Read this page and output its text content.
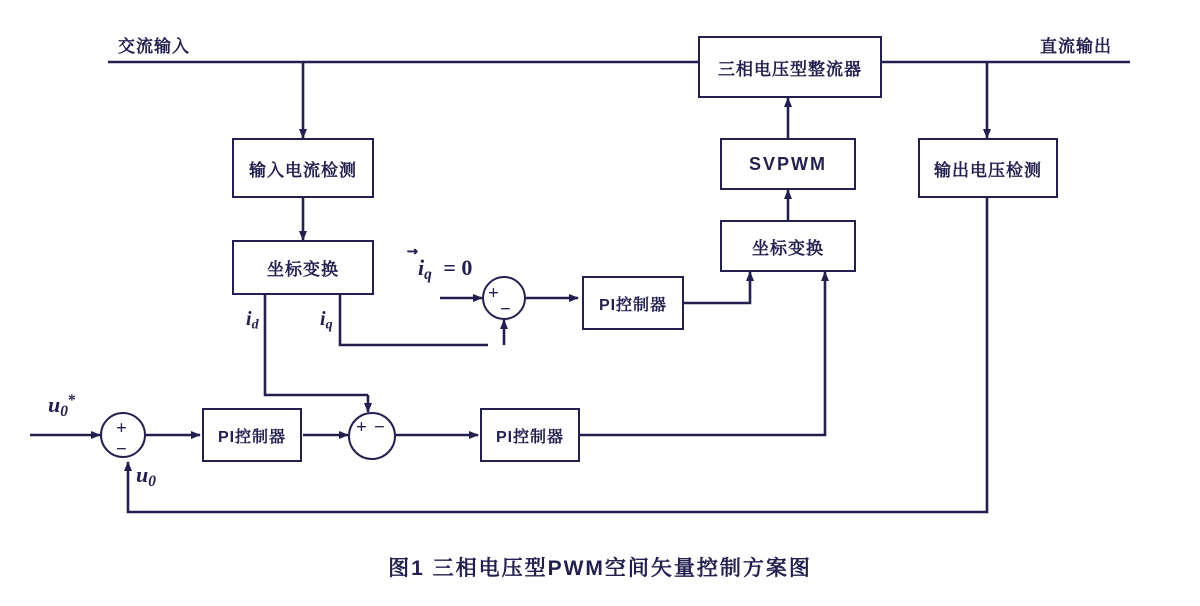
交流输入	直流输出
三相电压型整流器
输入电流检测	输出电压检测
SVPWM
坐标变换
坐标变换
PI控制器
PI控制器	PI控制器
+
−
+
−
+ −
$i_q = 0$
$i_d$	$i_q$
$u_0^*$
$u_0$
图1 三相电压型PWM空间矢量控制方案图
